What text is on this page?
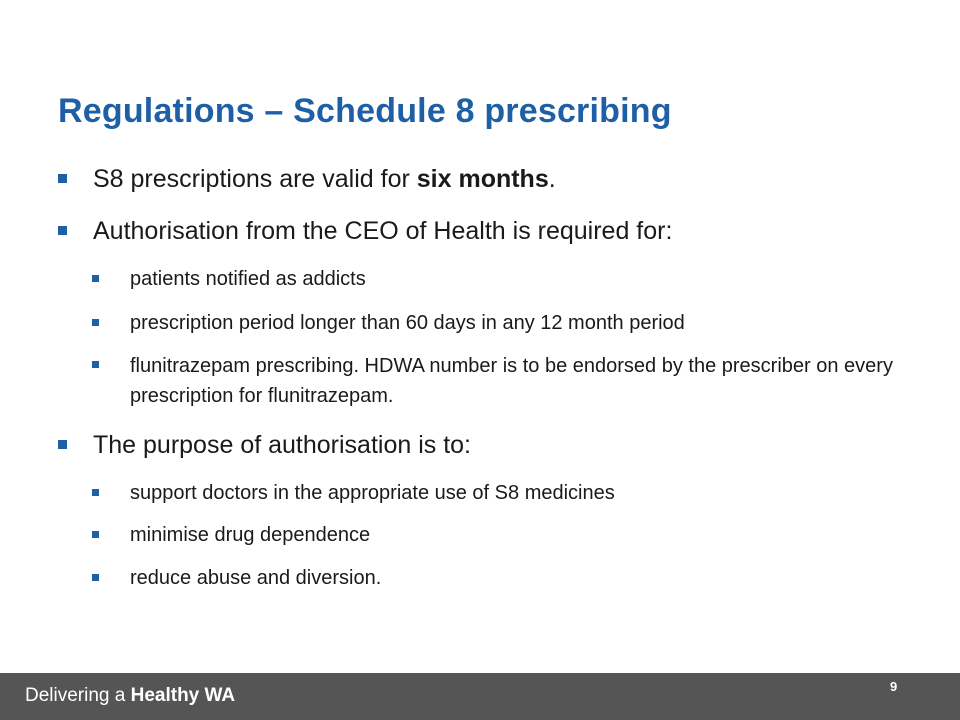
Regulations – Schedule 8 prescribing
S8 prescriptions are valid for six months.
Authorisation from the CEO of Health is required for:
patients notified as addicts
prescription period longer than 60 days in any 12 month period
flunitrazepam prescribing. HDWA number is to be endorsed by the prescriber on every prescription for flunitrazepam.
The purpose of authorisation is to:
support doctors in the appropriate use of S8 medicines
minimise drug dependence
reduce abuse and diversion.
Delivering a Healthy WA	9
